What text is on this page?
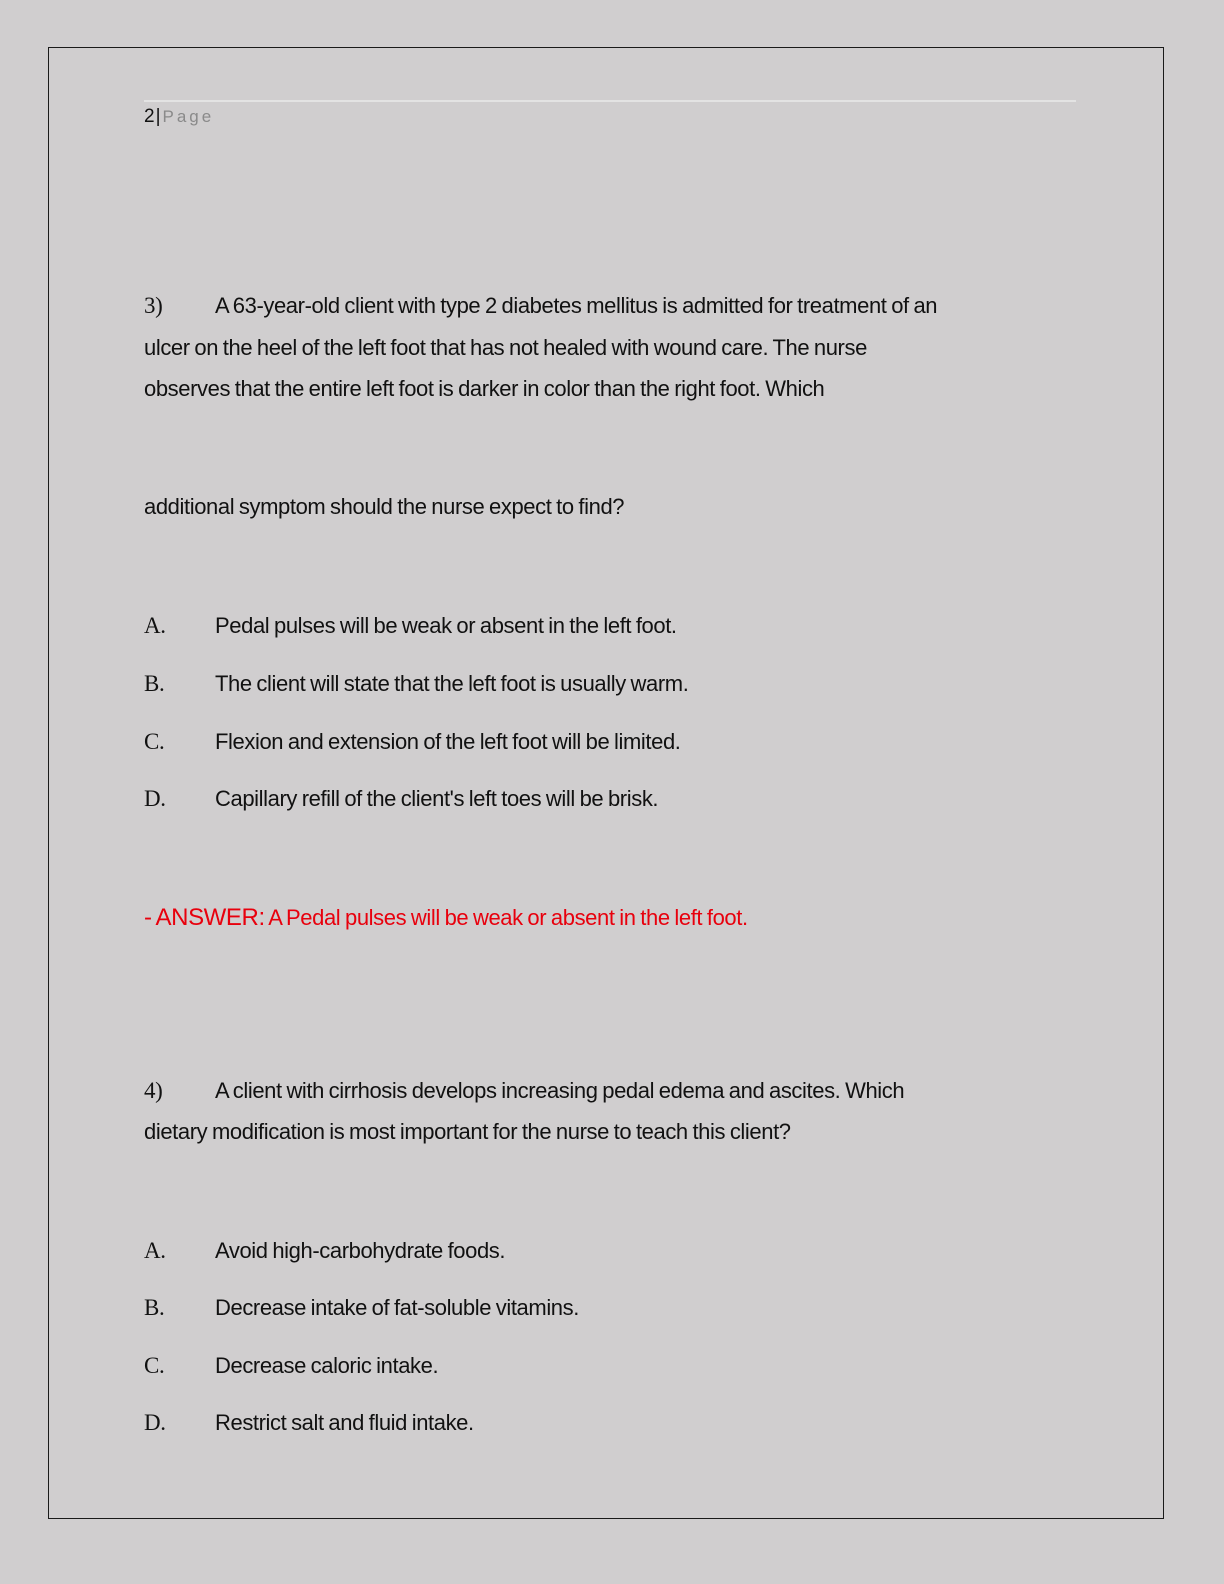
2| Page
3) A 63-year-old client with type 2 diabetes mellitus is admitted for treatment of an
ulcer on the heel of the left foot that has not healed with wound care. The nurse
observes that the entire left foot is darker in color than the right foot. Which
additional symptom should the nurse expect to find?
A. Pedal pulses will be weak or absent in the left foot.
B. The client will state that the left foot is usually warm.
C. Flexion and extension of the left foot will be limited.
D. Capillary refill of the client's left toes will be brisk.
- ANSWER: A Pedal pulses will be weak or absent in the left foot.
4) A client with cirrhosis develops increasing pedal edema and ascites. Which
dietary modification is most important for the nurse to teach this client?
A. Avoid high-carbohydrate foods.
B. Decrease intake of fat-soluble vitamins.
C. Decrease caloric intake.
D. Restrict salt and fluid intake.
